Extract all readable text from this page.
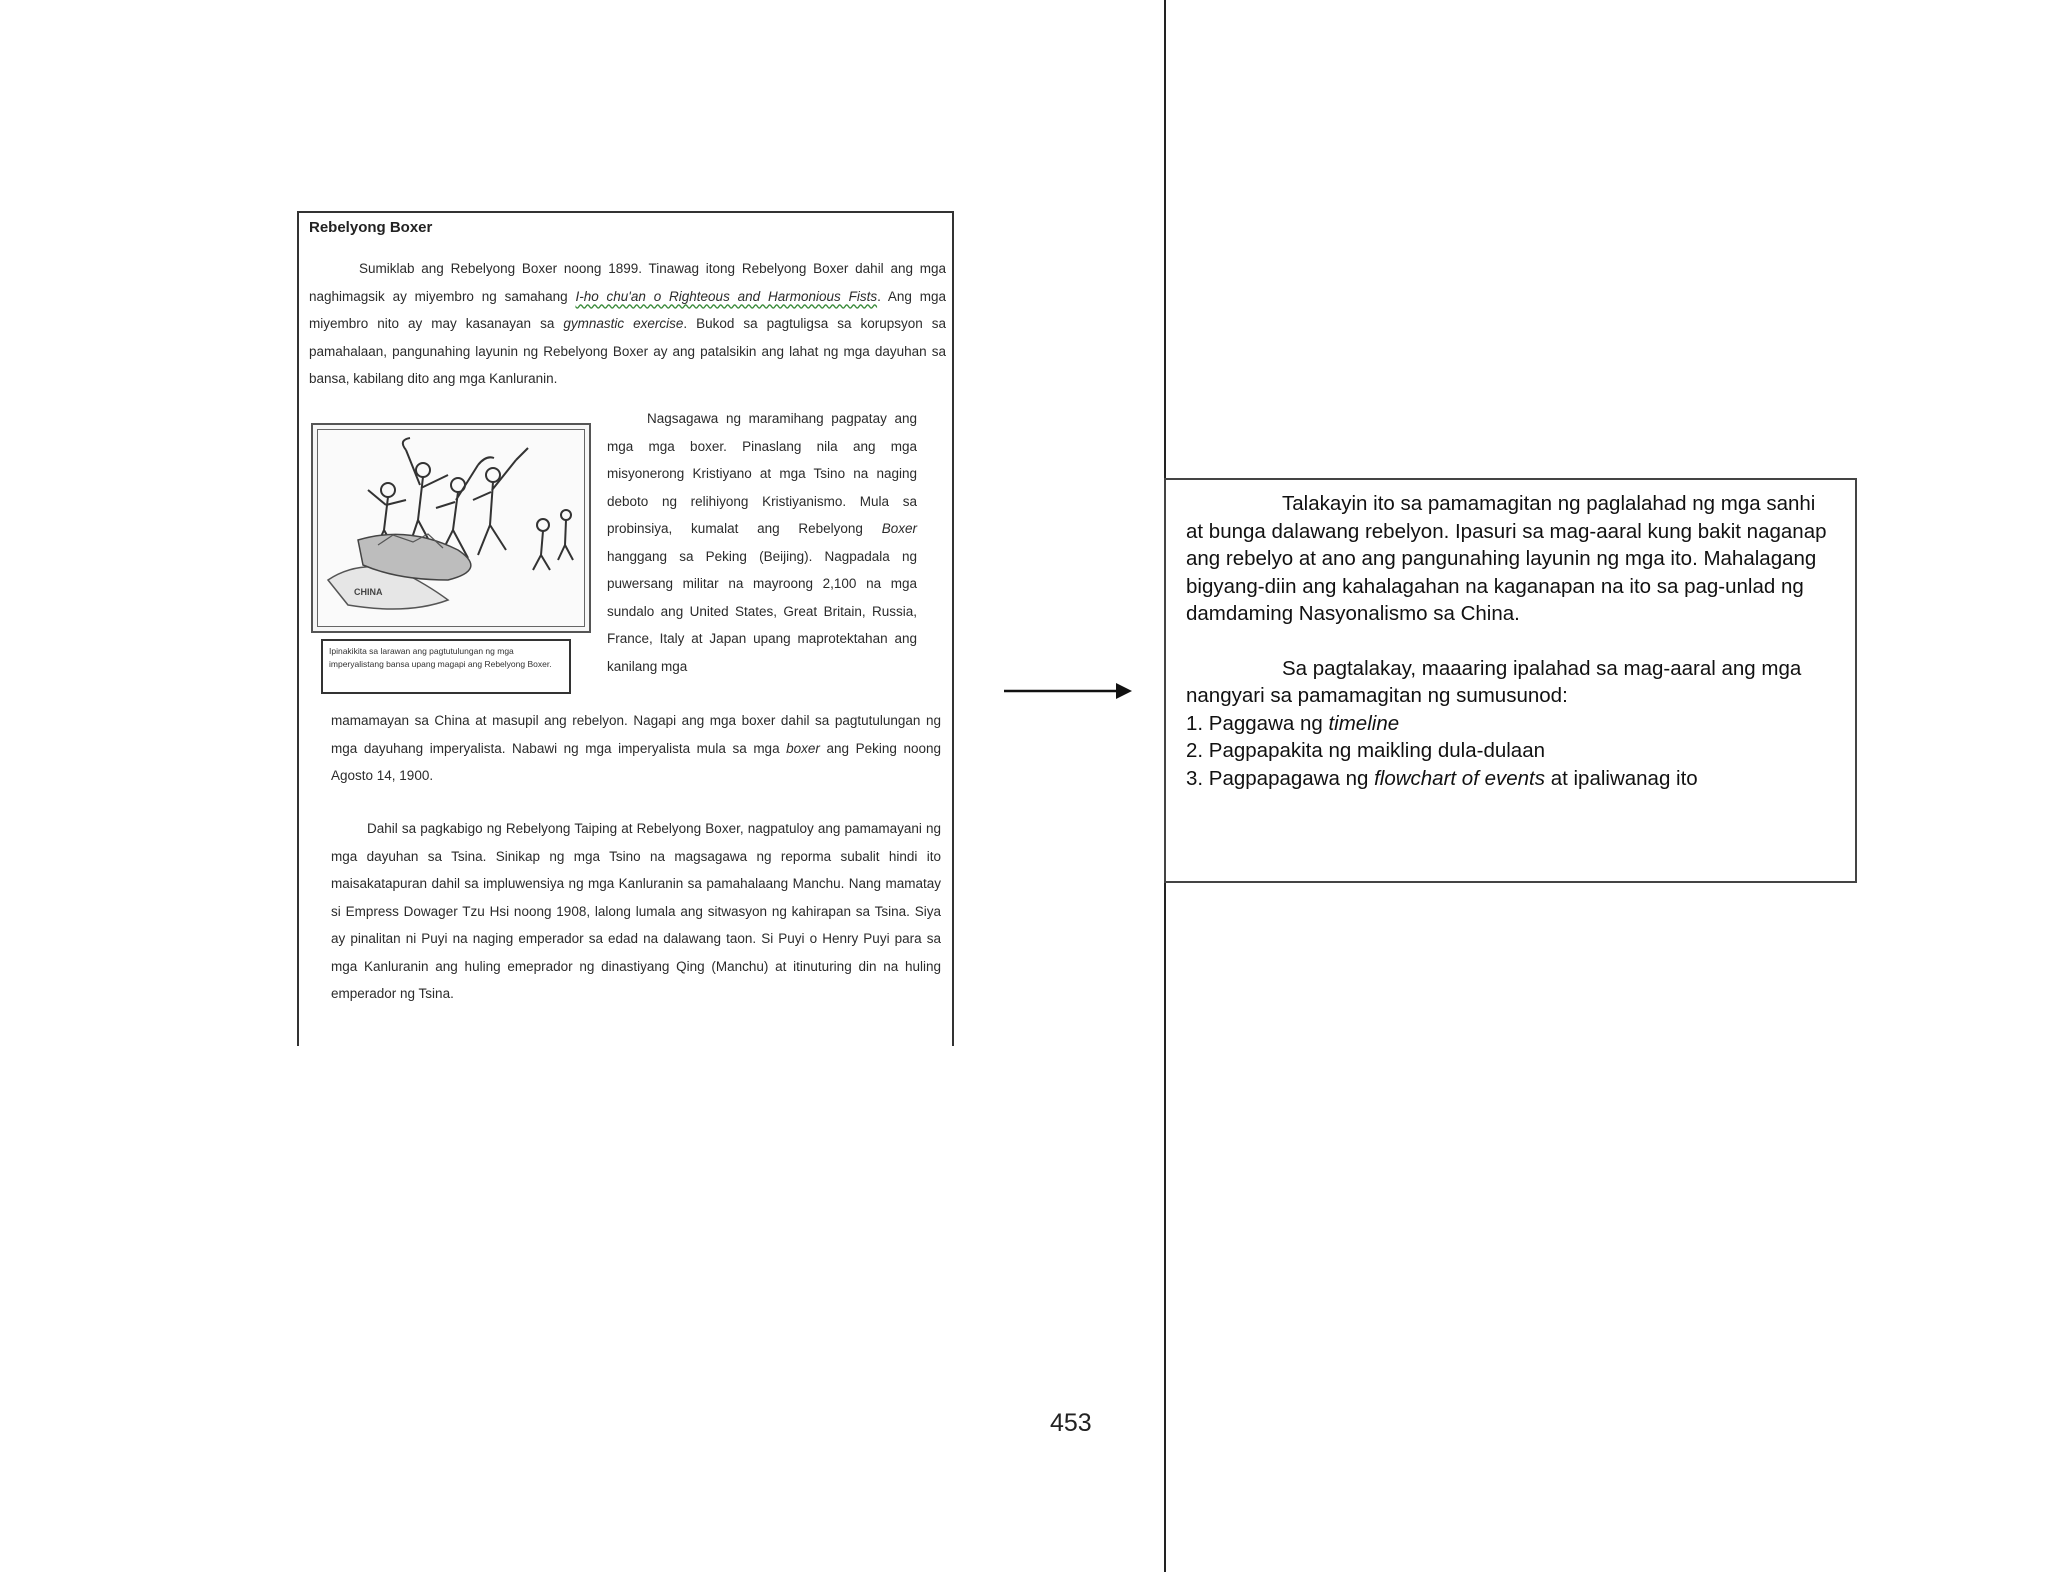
Rebelyong Boxer

Sumiklab ang Rebelyong Boxer noong 1899. Tinawag itong Rebelyong Boxer dahil ang mga naghimagsik ay miyembro ng samahang I-ho chu'an o Righteous and Harmonious Fists. Ang mga miyembro nito ay may kasanayan sa gymnastic exercise. Bukod sa pagtuligsa sa korupsyon sa pamahalaan, pangunahing layunin ng Rebelyong Boxer ay ang patalsikin ang lahat ng mga dayuhan sa bansa, kabilang dito ang mga Kanluranin.

CHINA
Ipinakikita sa larawan ang pagtutulungan ng mga imperyalistang bansa upang magapi ang Rebelyong Boxer.

Nagsagawa ng maramihang pagpatay ang mga mga boxer. Pinaslang nila ang mga misyonerong Kristiyano at mga Tsino na naging deboto ng relihiyong Kristiyanismo. Mula sa probinsiya, kumalat ang Rebelyong Boxer hanggang sa Peking (Beijing). Nagpadala ng puwersang militar na mayroong 2,100 na mga sundalo ang United States, Great Britain, Russia, France, Italy at Japan upang maprotektahan ang kanilang mga

mamamayan sa China at masupil ang rebelyon. Nagapi ang mga boxer dahil sa pagtutulungan ng mga dayuhang imperyalista. Nabawi ng mga imperyalista mula sa mga boxer ang Peking noong Agosto 14, 1900.

Dahil sa pagkabigo ng Rebelyong Taiping at Rebelyong Boxer, nagpatuloy ang pamamayani ng mga dayuhan sa Tsina. Sinikap ng mga Tsino na magsagawa ng reporma subalit hindi ito maisakatapuran dahil sa impluwensiya ng mga Kanluranin sa pamahalaang Manchu. Nang mamatay si Empress Dowager Tzu Hsi noong 1908, lalong lumala ang sitwasyon ng kahirapan sa Tsina. Siya ay pinalitan ni Puyi na naging emperador sa edad na dalawang taon. Si Puyi o Henry Puyi para sa mga Kanluranin ang huling emeprador ng dinastiyang Qing (Manchu) at itinuturing din na huling emperador ng Tsina.

Talakayin ito sa pamamagitan ng paglalahad ng mga sanhi at bunga dalawang rebelyon. Ipasuri sa mag-aaral kung bakit naganap ang rebelyo at ano ang pangunahing layunin ng mga ito. Mahalagang bigyang-diin ang kahalagahan na kaganapan na ito sa pag-unlad ng damdaming Nasyonalismo sa China.

Sa pagtalakay, maaaring ipalahad sa mag-aaral ang mga nangyari sa pamamagitan ng sumusunod:

1. Paggawa ng timeline

2. Pagpapakita ng maikling dula-dulaan

3. Pagpapagawa ng flowchart of events at ipaliwanag ito

453
